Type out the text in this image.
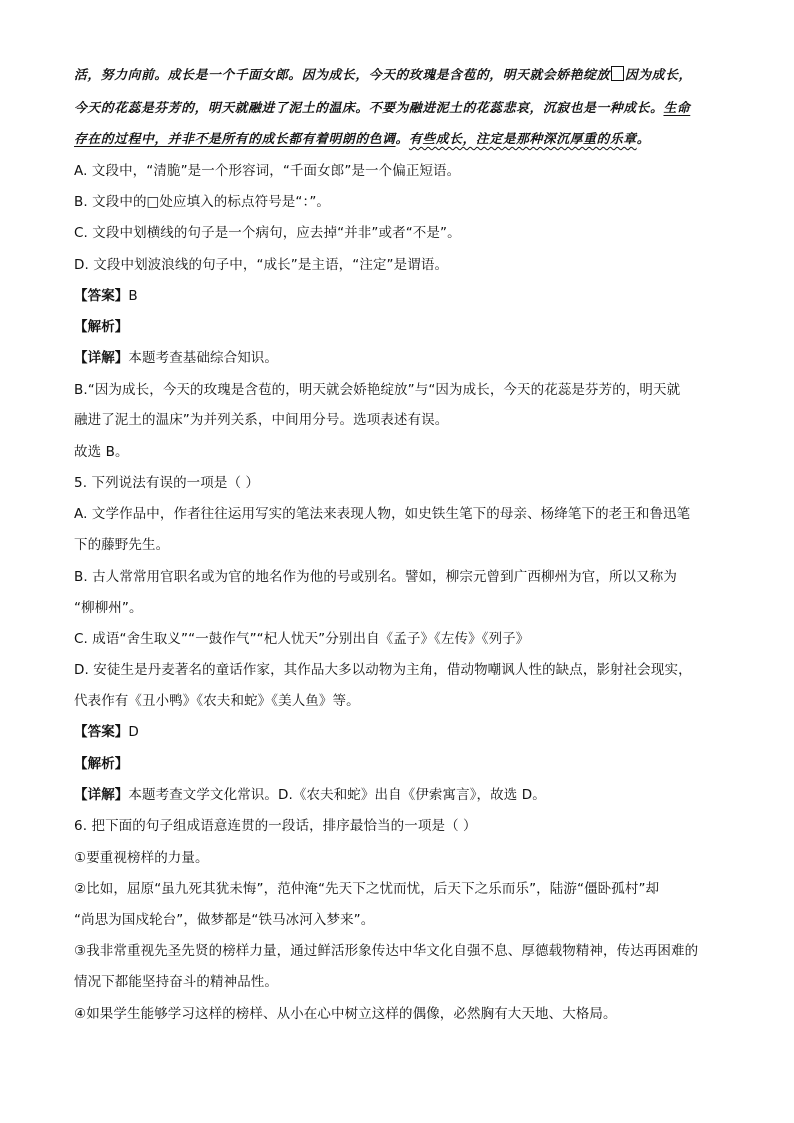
活，努力向前。成长是一个千面女郎。因为成长，今天的玫瑰是含苞的，明天就会娇艳绽放 因为成长，
今天的花蕊是芬芳的，明天就融进了泥土的温床。不要为融进泥土的花蕊悲哀，沉寂也是一种成长。生命
存在的过程中，并非不是所有的成长都有着明朗的色调。有些成长，注定是那种深沉厚重的乐章。
A. 文段中，“清脆”是一个形容词，“千面女郎”是一个偏正短语。
B. 文段中的□处应填入的标点符号是“：”。
C. 文段中划横线的句子是一个病句，应去掉“并非”或者“不是”。
D. 文段中划波浪线的句子中，“成长”是主语，“注定”是谓语。
【答案】B
【解析】
【详解】本题考查基础综合知识。
B.“因为成长，今天的玫瑰是含苞的，明天就会娇艳绽放”与“因为成长，今天的花蕊是芬芳的，明天就
融进了泥土的温床”为并列关系，中间用分号。选项表述有误。
故选 B。
5. 下列说法有误的一项是（ ）
A. 文学作品中，作者往往运用写实的笔法来表现人物，如史铁生笔下的母亲、杨绛笔下的老王和鲁迅笔
下的藤野先生。
B. 古人常常用官职名或为官的地名作为他的号或别名。譬如，柳宗元曾到广西柳州为官，所以又称为
“柳柳州”。
C. 成语“舍生取义”“一鼓作气”“杞人忧天”分别出自《孟子》《左传》《列子》
D. 安徒生是丹麦著名的童话作家，其作品大多以动物为主角，借动物嘲讽人性的缺点，影射社会现实，
代表作有《丑小鸭》《农夫和蛇》《美人鱼》等。
【答案】D
【解析】
【详解】本题考查文学文化常识。D.《农夫和蛇》出自《伊索寓言》，故选 D。
6. 把下面的句子组成语意连贯的一段话，排序最恰当的一项是（ ）
①要重视榜样的力量。
②比如，屈原“虽九死其犹未悔”，范仲淹“先天下之忧而忧，后天下之乐而乐”，陆游“僵卧孤村”却
“尚思为国戍轮台”，做梦都是“铁马冰河入梦来”。
③我非常重视先圣先贤的榜样力量，通过鲜活形象传达中华文化自强不息、厚德载物精神，传达再困难的
情况下都能坚持奋斗的精神品性。
④如果学生能够学习这样的榜样、从小在心中树立这样的偶像，必然胸有大天地、大格局。
